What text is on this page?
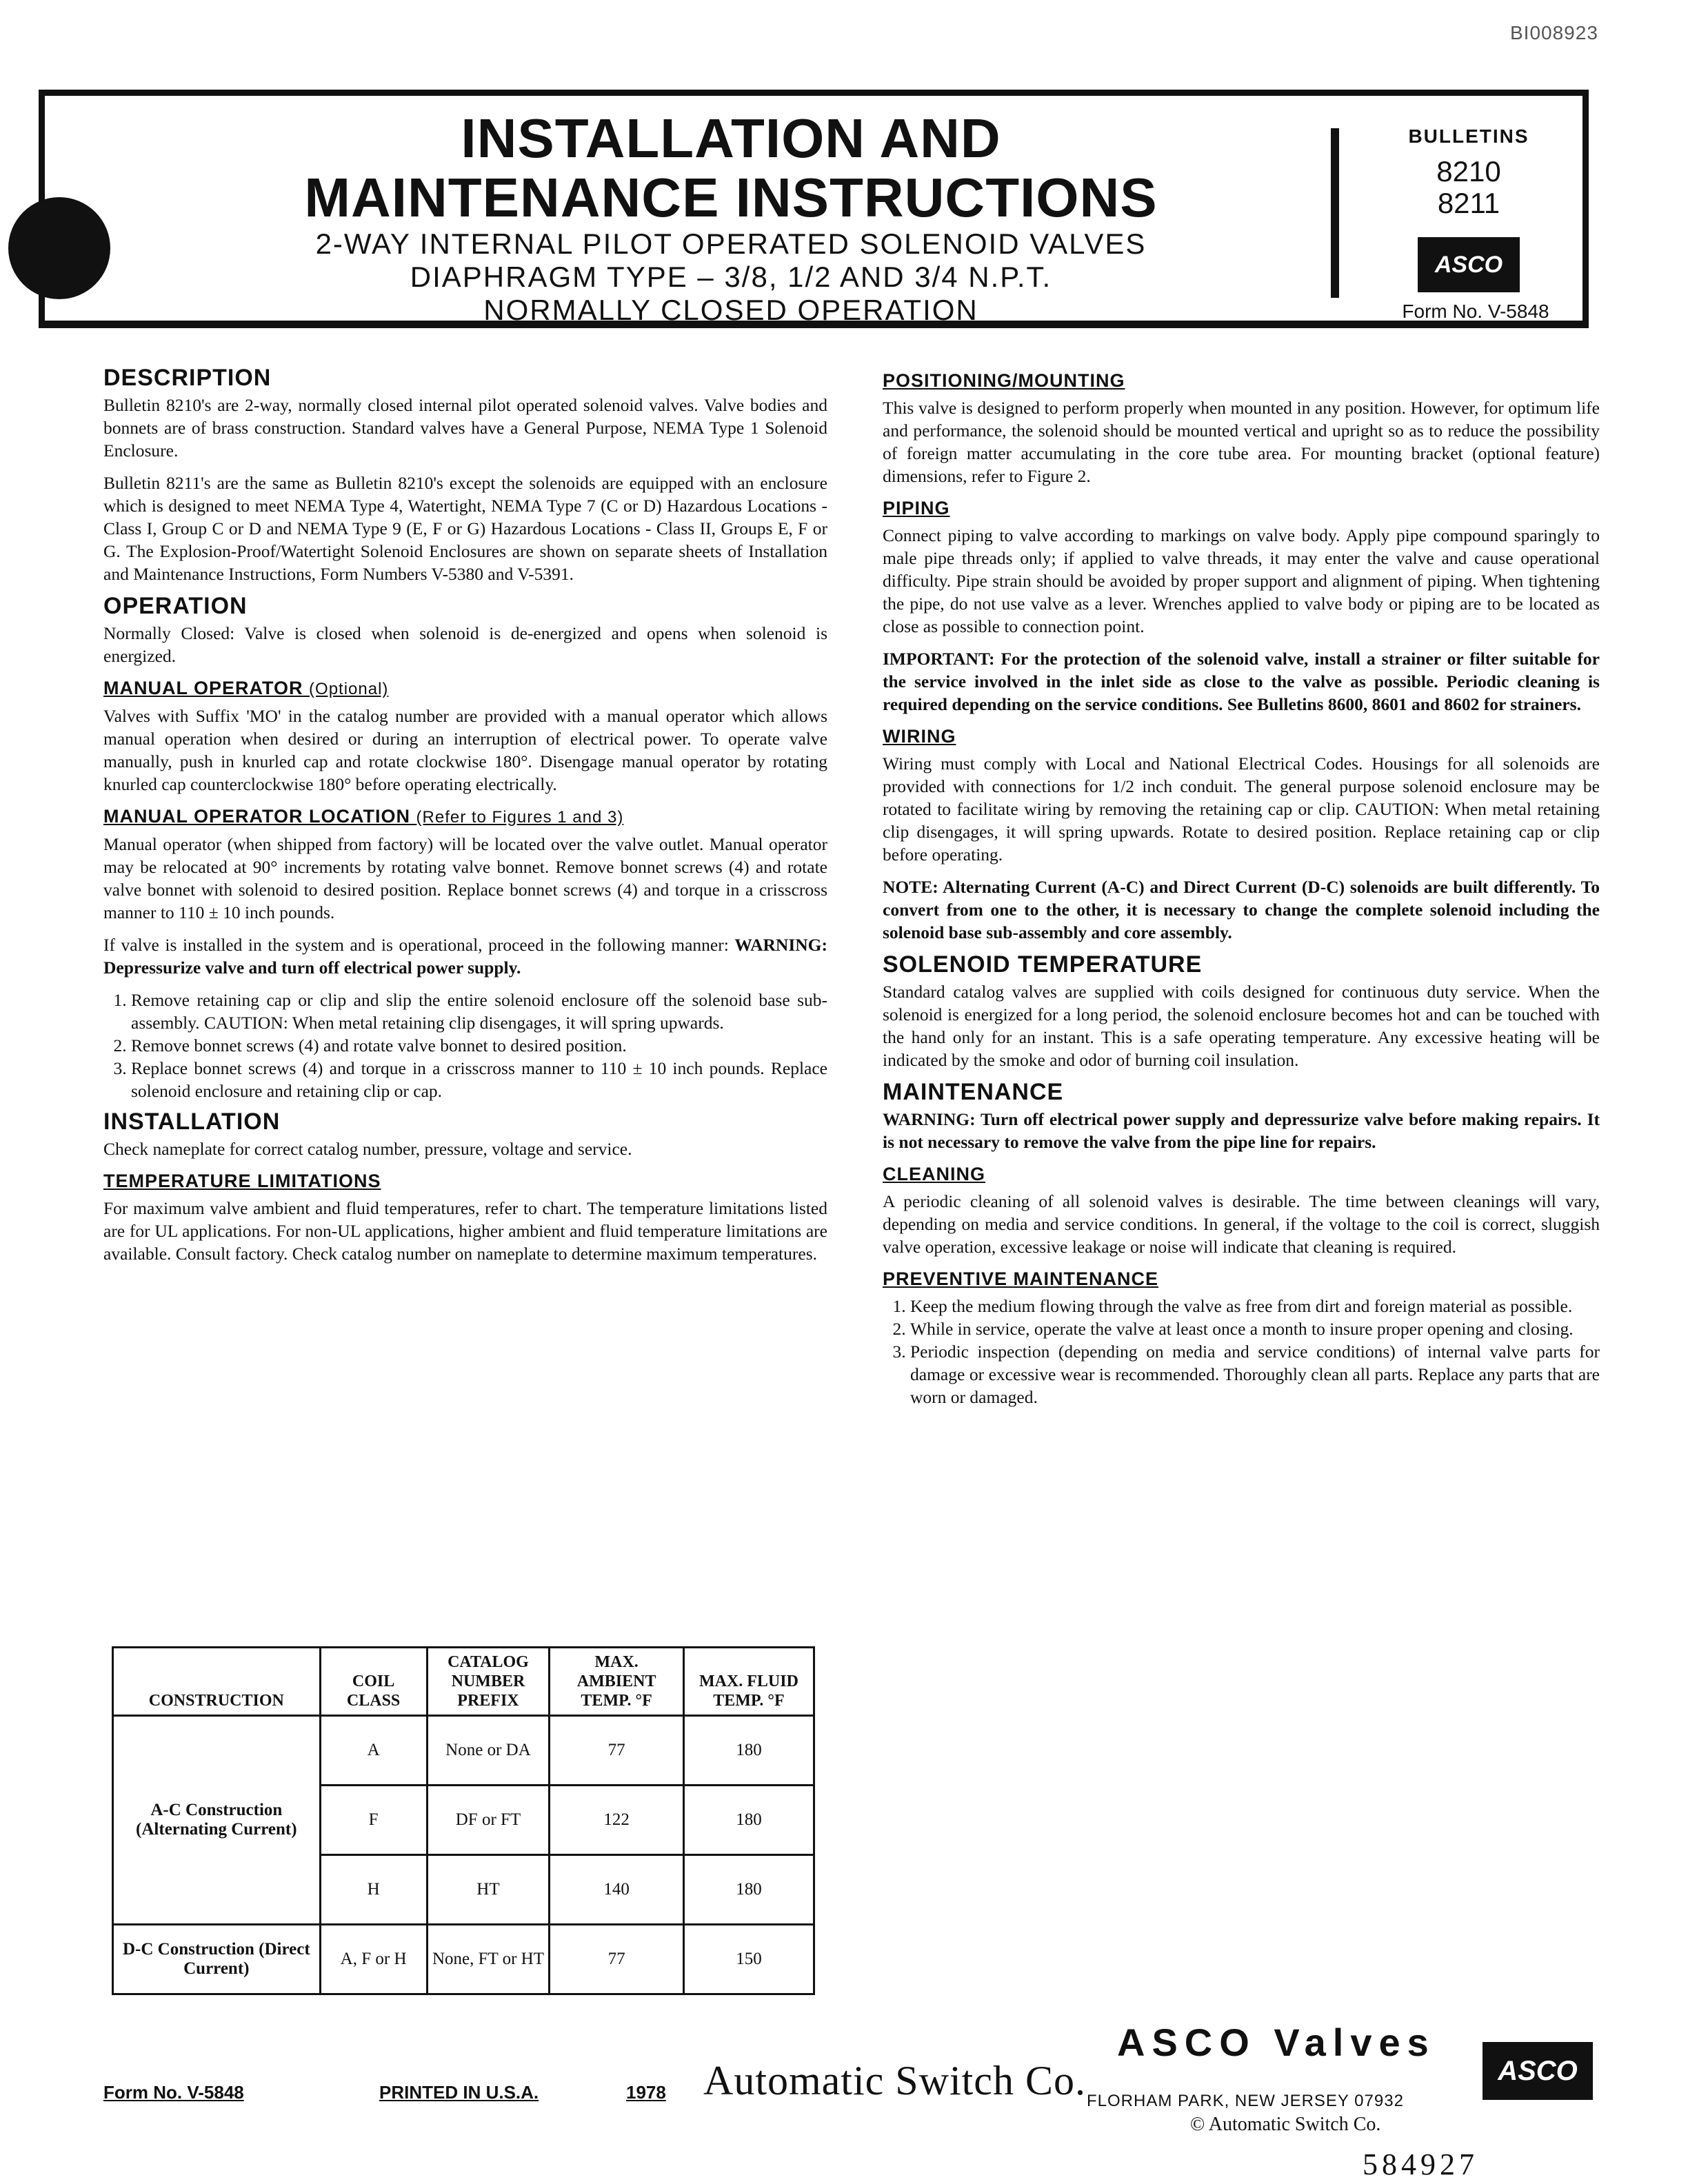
BI008923
INSTALLATION AND
MAINTENANCE INSTRUCTIONS
2-WAY INTERNAL PILOT OPERATED SOLENOID VALVES
DIAPHRAGM TYPE – 3/8, 1/2 AND 3/4 N.P.T.
NORMALLY CLOSED OPERATION
BULLETINS
8210
8211
ASCO
Form No. V-5848
DESCRIPTION

Bulletin 8210's are 2-way, normally closed internal pilot operated solenoid valves. Valve bodies and bonnets are of brass construction. Standard valves have a General Purpose, NEMA Type 1 Solenoid Enclosure.

Bulletin 8211's are the same as Bulletin 8210's except the solenoids are equipped with an enclosure which is designed to meet NEMA Type 4, Watertight, NEMA Type 7 (C or D) Hazardous Locations - Class I, Group C or D and NEMA Type 9 (E, F or G) Hazardous Locations - Class II, Groups E, F or G. The Explosion-Proof/Watertight Solenoid Enclosures are shown on separate sheets of Installation and Maintenance Instructions, Form Numbers V-5380 and V-5391.

OPERATION

Normally Closed: Valve is closed when solenoid is de-energized and opens when solenoid is energized.

MANUAL OPERATOR (Optional)

Valves with Suffix 'MO' in the catalog number are provided with a manual operator which allows manual operation when desired or during an interruption of electrical power. To operate valve manually, push in knurled cap and rotate clockwise 180°. Disengage manual operator by rotating knurled cap counterclockwise 180° before operating electrically.

MANUAL OPERATOR LOCATION (Refer to Figures 1 and 3)

Manual operator (when shipped from factory) will be located over the valve outlet. Manual operator may be relocated at 90° increments by rotating valve bonnet. Remove bonnet screws (4) and rotate valve bonnet with solenoid to desired position. Replace bonnet screws (4) and torque in a crisscross manner to 110 ± 10 inch pounds.

If valve is installed in the system and is operational, proceed in the following manner: WARNING: Depressurize valve and turn off electrical power supply.

1. Remove retaining cap or clip and slip the entire solenoid enclosure off the solenoid base sub-assembly. CAUTION: When metal retaining clip disengages, it will spring upwards.
2. Remove bonnet screws (4) and rotate valve bonnet to desired position.
3. Replace bonnet screws (4) and torque in a crisscross manner to 110 ± 10 inch pounds. Replace solenoid enclosure and retaining clip or cap.
INSTALLATION

Check nameplate for correct catalog number, pressure, voltage and service.

TEMPERATURE LIMITATIONS

For maximum valve ambient and fluid temperatures, refer to chart. The temperature limitations listed are for UL applications. For non-UL applications, higher ambient and fluid temperature limitations are available. Consult factory. Check catalog number on nameplate to determine maximum temperatures.

CONSTRUCTION	COIL CLASS	CATALOG NUMBER PREFIX	MAX. AMBIENT TEMP. °F	MAX. FLUID TEMP. °F
A-C Construction (Alternating Current)	A	None or DA	77	180
	F	DF or FT	122	180
	H	HT	140	180
D-C Construction (Direct Current)	A, F or H	None, FT or HT	77	150
POSITIONING/MOUNTING

This valve is designed to perform properly when mounted in any position. However, for optimum life and performance, the solenoid should be mounted vertical and upright so as to reduce the possibility of foreign matter accumulating in the core tube area. For mounting bracket (optional feature) dimensions, refer to Figure 2.

PIPING

Connect piping to valve according to markings on valve body. Apply pipe compound sparingly to male pipe threads only; if applied to valve threads, it may enter the valve and cause operational difficulty. Pipe strain should be avoided by proper support and alignment of piping. When tightening the pipe, do not use valve as a lever. Wrenches applied to valve body or piping are to be located as close as possible to connection point.

IMPORTANT: For the protection of the solenoid valve, install a strainer or filter suitable for the service involved in the inlet side as close to the valve as possible. Periodic cleaning is required depending on the service conditions. See Bulletins 8600, 8601 and 8602 for strainers.

WIRING

Wiring must comply with Local and National Electrical Codes. Housings for all solenoids are provided with connections for 1/2 inch conduit. The general purpose solenoid enclosure may be rotated to facilitate wiring by removing the retaining cap or clip. CAUTION: When metal retaining clip disengages, it will spring upwards. Rotate to desired position. Replace retaining cap or clip before operating.

NOTE: Alternating Current (A-C) and Direct Current (D-C) solenoids are built differently. To convert from one to the other, it is necessary to change the complete solenoid including the solenoid base sub-assembly and core assembly.

SOLENOID TEMPERATURE

Standard catalog valves are supplied with coils designed for continuous duty service. When the solenoid is energized for a long period, the solenoid enclosure becomes hot and can be touched with the hand only for an instant. This is a safe operating temperature. Any excessive heating will be indicated by the smoke and odor of burning coil insulation.

MAINTENANCE

WARNING: Turn off electrical power supply and depressurize valve before making repairs. It is not necessary to remove the valve from the pipe line for repairs.

CLEANING

A periodic cleaning of all solenoid valves is desirable. The time between cleanings will vary, depending on media and service conditions. In general, if the voltage to the coil is correct, sluggish valve operation, excessive leakage or noise will indicate that cleaning is required.

PREVENTIVE MAINTENANCE
1. Keep the medium flowing through the valve as free from dirt and foreign material as possible.
2. While in service, operate the valve at least once a month to insure proper opening and closing.
3. Periodic inspection (depending on media and service conditions) of internal valve parts for damage or excessive wear is recommended. Thoroughly clean all parts. Replace any parts that are worn or damaged.
Form No. V-5848	PRINTED IN U.S.A.	1978 Automatic Switch Co.
ASCO Valves
ASCO
FLORHAM PARK, NEW JERSEY 07932
© Automatic Switch Co.
584927
